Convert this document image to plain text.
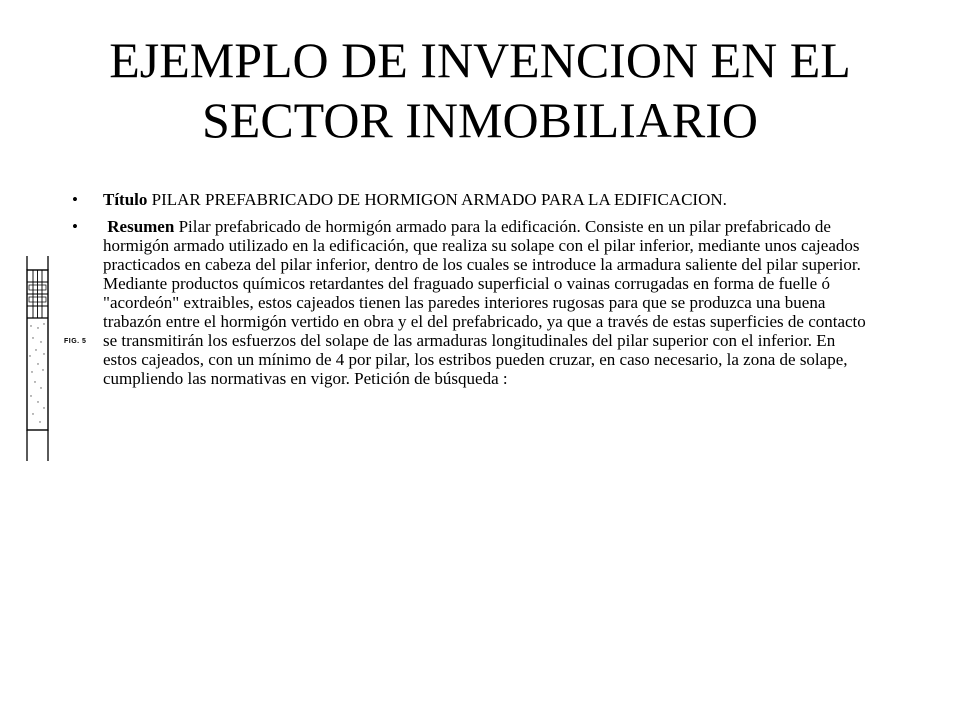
EJEMPLO DE INVENCION EN EL
SECTOR INMOBILIARIO
FIG. 5
• Título PILAR PREFABRICADO DE HORMIGON ARMADO PARA LA EDIFICACION.
• Resumen Pilar prefabricado de hormigón armado para la edificación. Consiste en un pilar prefabricado de hormigón armado utilizado en la edificación, que realiza su solape con el pilar inferior, mediante unos cajeados practicados en cabeza del pilar inferior, dentro de los cuales se introduce la armadura saliente del pilar superior. Mediante productos químicos retardantes del fraguado superficial o vainas corrugadas en forma de fuelle ó "acordeón" extraibles, estos cajeados tienen las paredes interiores rugosas para que se produzca una buena trabazón entre el hormigón vertido en obra y el del prefabricado, ya que a través de estas superficies de contacto se transmitirán los esfuerzos del solape de las armaduras longitudinales del pilar superior con el inferior. En estos cajeados, con un mínimo de 4 por pilar, los estribos pueden cruzar, en caso necesario, la zona de solape, cumpliendo las normativas en vigor. Petición de búsqueda :
